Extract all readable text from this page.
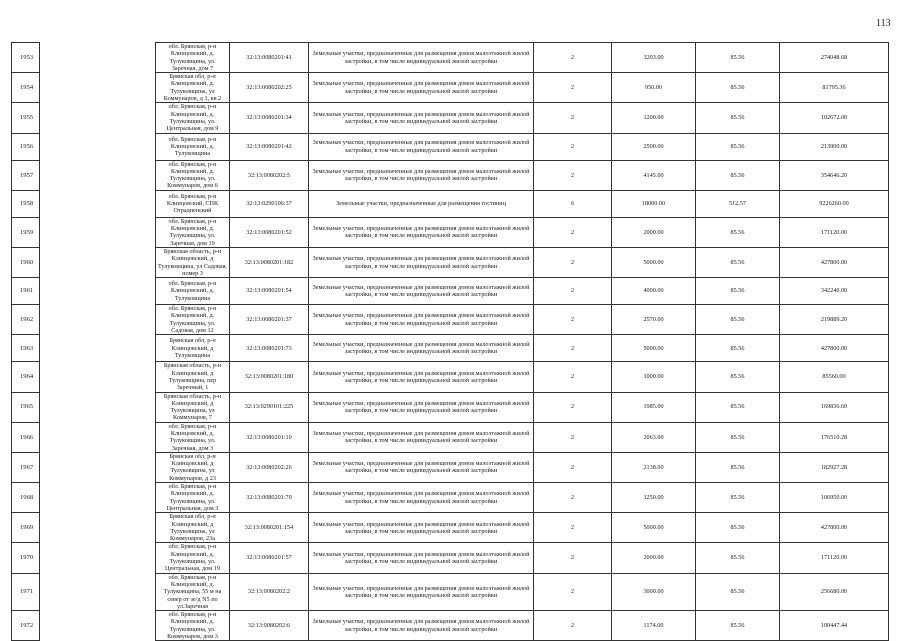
113
1953		обл. Брянская, р-н Клинцовский, д. Тулуковщина, ул. Заречная, дом 7	32:13:0080201:41	Земельные участки, предназначенные для размещения домов малоэтажной жилой застройки, в том числе индивидуальной жилой застройки	2	3203.00	85.56	274048.68
1954		Брянская обл, р-н Клинцовский, д. Тулуковщина, ул Коммунаров, д 1, кв 2	32:13:0080202:25	Земельные участки, предназначенные для размещения домов малоэтажной жилой застройки, в том числе индивидуальной жилой застройки	2	956.00	85.56	81795.36
1955		обл. Брянская, р-н Клинцовский, д. Тулуковщина, ул. Центральная, дом 9	32:13:0080201:34	Земельные участки, предназначенные для размещения домов малоэтажной жилой застройки, в том числе индивидуальной жилой застройки	2	1200.00	85.56	102672.00
1956		обл. Брянская, р-н Клинцовский, д. Тулуковщина	32:13:0080201:42	Земельные участки, предназначенные для размещения домов малоэтажной жилой застройки, в том числе индивидуальной жилой застройки	2	2500.00	85.56	213900.00
1957		обл. Брянская, р-н Клинцовский, д. Тулуковщина, ул. Коммунаров, дом 6	32:13:0080202:5	Земельные участки, предназначенные для размещения домов малоэтажной жилой застройки, в том числе индивидуальной жилой застройки	2	4145.00	85.56	354646.20
1958		обл. Брянская, р-н Клинцовский, СПК Отрадненский	32:13:0290106:37	Земельные участки, предназначенные для размещения гостиниц	6	18000.00	512.57	9226260.00
1959		обл. Брянская, р-н Клинцовский, д. Тулуковщина, ул. Заречная, дом 19	32:13:0080201:52	Земельные участки, предназначенные для размещения домов малоэтажной жилой застройки, в том числе индивидуальной жилой застройки	2	2000.00	85.56	171120.00
1960		Брянская область, р-н Клинцовский, д Тулуковщина, ул Садовая, номер 3	32:13:0080201:182	Земельные участки, предназначенные для размещения домов малоэтажной жилой застройки, в том числе индивидуальной жилой застройки	2	5000.00	85.56	427800.00
1961		обл. Брянская, р-н Клинцовский, д. Тулуковщина	32:13:0080201:54	Земельные участки, предназначенные для размещения домов малоэтажной жилой застройки, в том числе индивидуальной жилой застройки	2	4000.00	85.56	342240.00
1962		обл. Брянская, р-н Клинцовский, д. Тулуковщина, ул. Садовая, дом 12	32:13:0080201:37	Земельные участки, предназначенные для размещения домов малоэтажной жилой застройки, в том числе индивидуальной жилой застройки	2	2570.00	85.56	219889.20
1963		Брянская обл, р-н Клинцовский, д Тулуковщина	32:13:0080201:73	Земельные участки, предназначенные для размещения домов малоэтажной жилой застройки, в том числе индивидуальной жилой застройки	2	5000.00	85.56	427800.00
1964		Брянская область, р-н Клинцовский, д Тулуковщина, пер Заречный, 1	32:13:0080201:180	Земельные участки, предназначенные для размещения домов малоэтажной жилой застройки, в том числе индивидуальной жилой застройки	2	1000.00	85.56	85560.00
1965		Брянская область, р-н Клинцовский, д Тулуковщина, ул Коммунаров, 7	32:13:0290101:225	Земельные участки, предназначенные для размещения домов малоэтажной жилой застройки, в том числе индивидуальной жилой застройки	2	1985.00	85.56	169836.60
1966		обл. Брянская, р-н Клинцовский, д. Тулуковщина, ул. Заречная, дом 3	32:13:0080201:10	Земельные участки, предназначенные для размещения домов малоэтажной жилой застройки, в том числе индивидуальной жилой застройки	2	2063.00	85.56	176510.28
1967		Брянская обл, р-н Клинцовский, д Тулуковщина, ул Коммунаров, д 23	32:13:0080202:26	Земельные участки, предназначенные для размещения домов малоэтажной жилой застройки, в том числе индивидуальной жилой застройки	2	2138.00	85.56	182927.28
1968		обл. Брянская, р-н Клинцовский, д. Тулуковщина, ул. Центральная, дом 3	32:13:0080201:70	Земельные участки, предназначенные для размещения домов малоэтажной жилой застройки, в том числе индивидуальной жилой застройки	2	1250.00	85.56	106950.00
1969		Брянская обл, р-н Клинцовский, д Тулуковщина, ул Коммунаров, 23а	32:13:0080201:154	Земельные участки, предназначенные для размещения домов малоэтажной жилой застройки, в том числе индивидуальной жилой застройки	2	5000.00	85.56	427800.00
1970		обл. Брянская, р-н Клинцовский, д. Тулуковщина, ул. Центральная, дом 19	32:13:0080201:57	Земельные участки, предназначенные для размещения домов малоэтажной жилой застройки, в том числе индивидуальной жилой застройки	2	2000.00	85.56	171120.00
1971		обл. Брянская, р-н Клинцовский, д. Тулуковщина, 55 м на север от зе/д N5 по ул.Заречная	32:13:0080202:2	Земельные участки, предназначенные для размещения домов малоэтажной жилой застройки, в том числе индивидуальной жилой застройки	2	3000.00	85.56	256680.00
1972		обл. Брянская, р-н Клинцовский, д. Тулуковщина, ул. Коммунаров, дом 3	32:13:0080202:6	Земельные участки, предназначенные для размещения домов малоэтажной жилой застройки, в том числе индивидуальной жилой застройки	2	1174.00	85.56	100447.44
